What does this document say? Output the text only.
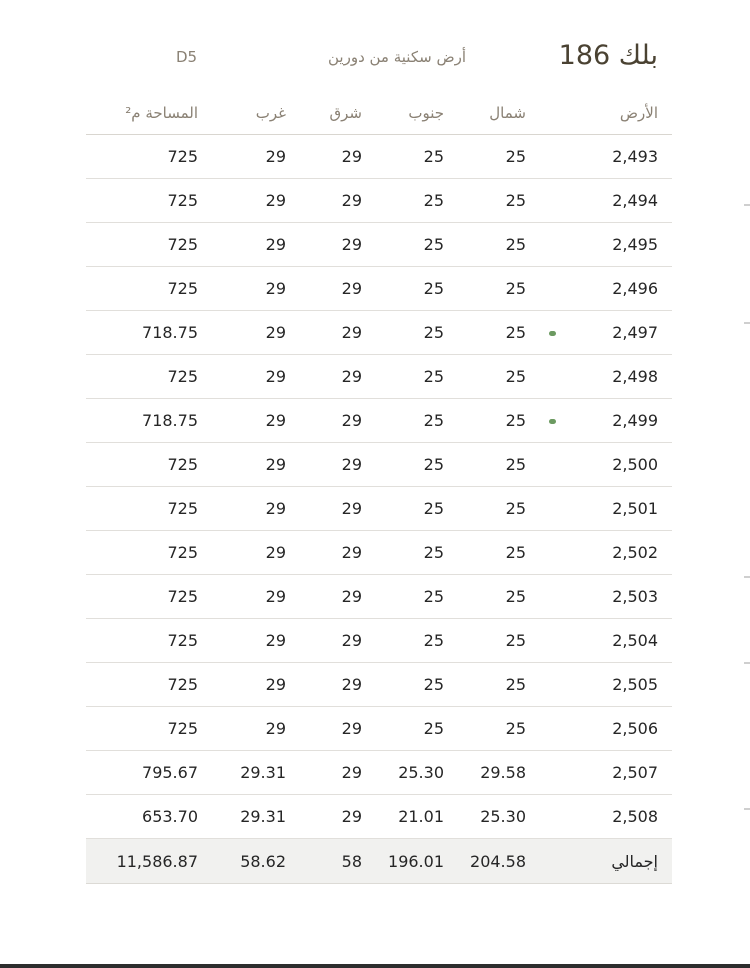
بلك 186
أرض سكنية من دورين
D5
الأرض		شمال	جنوب	شرق	غرب	المساحة م²
2,493		25	25	29	29	725
2,494		25	25	29	29	725
2,495		25	25	29	29	725
2,496		25	25	29	29	725
2,497		25	25	29	29	718.75
2,498		25	25	29	29	725
2,499		25	25	29	29	718.75
2,500		25	25	29	29	725
2,501		25	25	29	29	725
2,502		25	25	29	29	725
2,503		25	25	29	29	725
2,504		25	25	29	29	725
2,505		25	25	29	29	725
2,506		25	25	29	29	725
2,507		29.58	25.30	29	29.31	795.67
2,508		25.30	21.01	29	29.31	653.70
إجمالي		204.58	196.01	58	58.62	11,586.87
